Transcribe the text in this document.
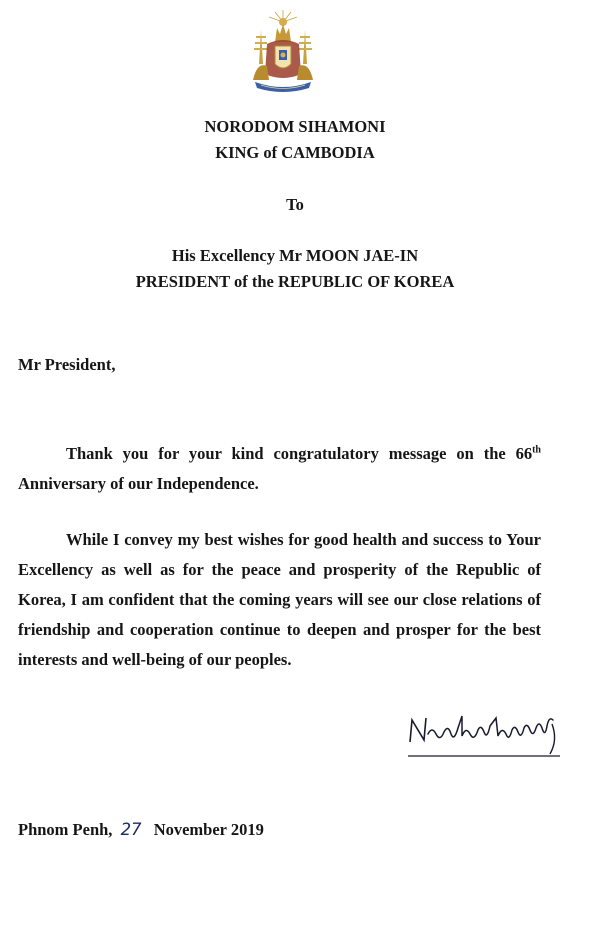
NORODOM SIHAMONI
KING of CAMBODIA
To
His Excellency Mr MOON JAE-IN
PRESIDENT of the REPUBLIC OF KOREA
Mr President,
Thank you for your kind congratulatory message on the 66th Anniversary of our Independence.
While I convey my best wishes for good health and success to Your Excellency as well as for the peace and prosperity of the Republic of Korea, I am confident that the coming years will see our close relations of friendship and cooperation continue to deepen and prosper for the best interests and well-being of our peoples.
Phnom Penh, 27 November 2019
